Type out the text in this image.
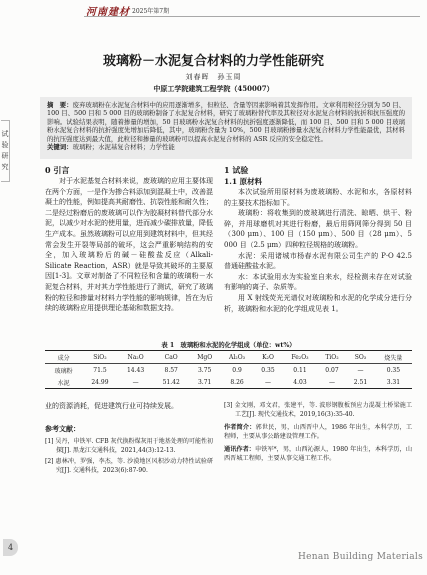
河南建材 2025年第7期
试验研究
玻璃粉－水泥复合材料的力学性能研究
刘春晖　孙玉周
中原工学院建筑工程学院（450007）
摘　要：废弃玻璃粉在水泥复合材料中的应用逐渐增多，但粒径、含量等因素影响着其发挥作用。文章利用粒径分别为 50 目、100 目、500 目和 5 000 目的玻璃粉制备了水泥复合材料，研究了玻璃粉替代率及其粒径对水泥复合材料的抗折和抗压强度的影响。试验结果表明，随着掺量的增加，50 目玻璃粉水泥复合材料的抗折强度逐渐降低，而 100 目、500 目和 5 000 目玻璃粉水泥复合材料的抗折强度先增加后降低，其中，玻璃粉含量为 10%，500 目玻璃粉掺量水泥复合材料力学性能最优，其材料的抗压强度达到最大值，此粒径和掺量的玻璃粉可以提高水泥复合材料的 ASR 反应的安全稳定性。
关键词：玻璃粉；水泥基复合材料；力学性能
0 引言

对于水泥基复合材料来说，废玻璃的应用主要体现在两个方面，一是作为掺合料添加到混凝土中，改善混凝土的性能，例如提高其耐磨性、抗裂性能和耐久性；二是经过粉磨后的废玻璃可以作为胶凝材料替代部分水泥，以减少对水泥的使用量，进而减少碳排放量，降低生产成本。虽然玻璃粉可以应用到建筑材料中，但其经常会发生开裂等局部的破坏，这会严重影响结构的安全，加入玻璃粉后的碱－硅酸盐反应（Alkali-Silicate Reaction，ASR）就是导致其破坏的主要原因[1-3]。文章对制备了不同粒径和含量的玻璃粉－水泥复合材料，并对其力学性能进行了测试，研究了玻璃粉的粒径和掺量对材料力学性能的影响规律，旨在为后续的玻璃粉应用提供理论基础和数据支持。

1 试验
1.1 原材料

本次试验所用原材料为废玻璃粉、水泥和水，各原材料的主要技术指标如下。

玻璃粉：将收集到的废玻璃进行清洗、晾晒、烘干、粉碎，并用球磨机对其进行粉磨，最后用筛网筛分得到 50 目（300 μm）、100 目（150 μm）、500 目（28 μm）、5 000 目（2.5 μm）四种粒径规格的玻璃粉。

水泥：采用诸城市杨春水泥有限公司生产的 P·O 42.5 普通硅酸盐水泥。

水：本试验用水为实验室自来水，经检测未存在对试验有影响的离子、杂质等。

用 X 射线荧光光谱仪对玻璃粉和水泥的化学成分进行分析，玻璃粉和水泥的化学组成见表 1。

表 1　玻璃粉和水泥的化学组成（单位：wt%）
成分	SiO₂	Na₂O	CaO	MgO	Al₂O₃	K₂O	Fe₂O₃	TiO₂	SO₃	烧失量
玻璃粉	71.5	14.43	8.57	3.75	0.9	0.35	0.11	0.07	—	0.35
水泥	24.99	—	51.42	3.71	8.26	—	4.03	—	2.51	3.31
业的资源消耗，促进建筑行业可持续发展。
参考文献：
[1] 吴丹，申铁军. CFB 灰代换粉煤灰用于地基处理的可能性初探[J]. 黑龙江交通科技，2021,44(3):12-13.
[2] 惠林冲，罗强，李杰，等. 沙漠地区风积沙动力特性试验研究[J]. 交通科技，2023(6):87-90.
[3] 金文刚，邓文君，张建平，等. 波形钢腹板预应力混凝土桥梁施工工艺[J]. 现代交通技术，2019,16(3):35-40.
作者简介：郭世民，男，山西晋中人，1986 年出生，本科学历，工程师，主要从事公路建设管理工作。
通讯作者：申铁军*，男，山西沁源人，1980 年出生，本科学历，山西晋城工程师，主要从事交通工程工作。
4
Henan Building Materials
